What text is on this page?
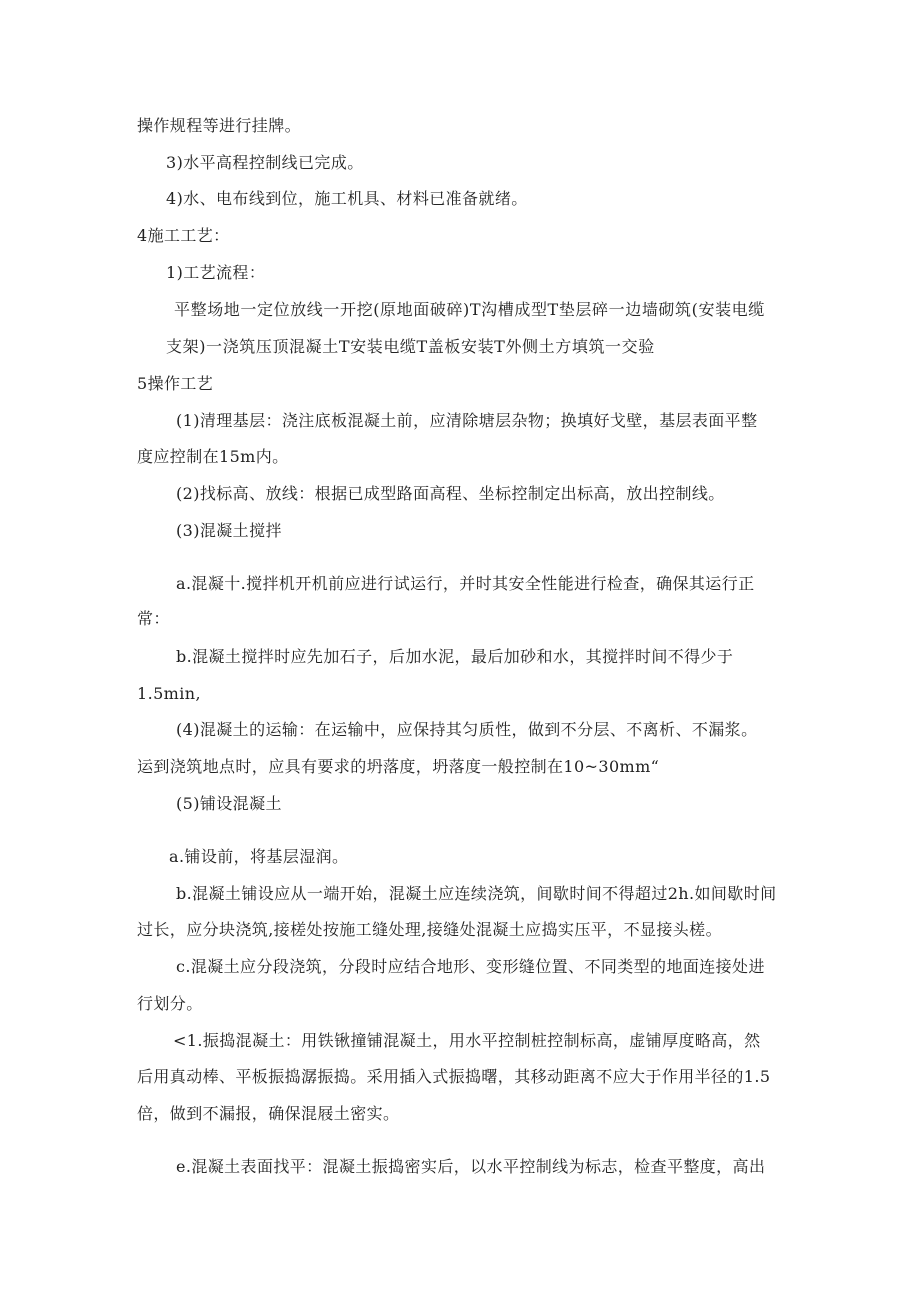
操作规程等进行挂牌。

3)水平高程控制线已完成。

4)水、电布线到位，施工机具、材料已准备就绪。

4施工工艺：

1)工艺流程：

平整场地一定位放线一开挖(原地面破碎)T沟槽成型T垫层碎一边墙砌筑(安装电缆

支架)一浇筑压顶混凝土T安装电缆T盖板安装T外侧土方填筑一交验

5操作工艺

(1)清理基层：浇注底板混凝土前，应清除塘层杂物；换填好戈壁，基层表面平整

度应控制在15m内。

(2)找标高、放线：根据已成型路面高程、坐标控制定出标高，放出控制线。

(3)混凝土搅拌

a.混凝十.搅拌机开机前应进行试运行，并时其安全性能进行检查，确保其运行正

常：

b.混凝土搅拌时应先加石子，后加水泥，最后加砂和水，其搅拌时间不得少于

1.5min,

(4)混凝土的运输：在运输中，应保持其匀质性，做到不分层、不离析、不漏浆。

运到浇筑地点时，应具有要求的坍落度，坍落度一般控制在10~30mm“

(5)铺设混凝土

a.铺设前，将基层湿润。

b.混凝土铺设应从一端开始，混凝土应连续浇筑，间歇时间不得超过2h.如间歇时间

过长，应分块浇筑,接槎处按施工缝处理,接缝处混凝土应捣实压平，不显接头槎。

c.混凝土应分段浇筑，分段时应结合地形、变形缝位置、不同类型的地面连接处进

行划分。

<1.振捣混凝土：用铁锹撞铺混凝土，用水平控制桩控制标高，虚铺厚度略高，然

后用真动棒、平板振捣潺振捣。采用插入式振捣曙，其移动距离不应大于作用半径的1.5

倍，做到不漏报，确保混屐土密实。

e.混凝土表面找平：混凝土振捣密实后，以水平控制线为标志，检查平整度，高出
